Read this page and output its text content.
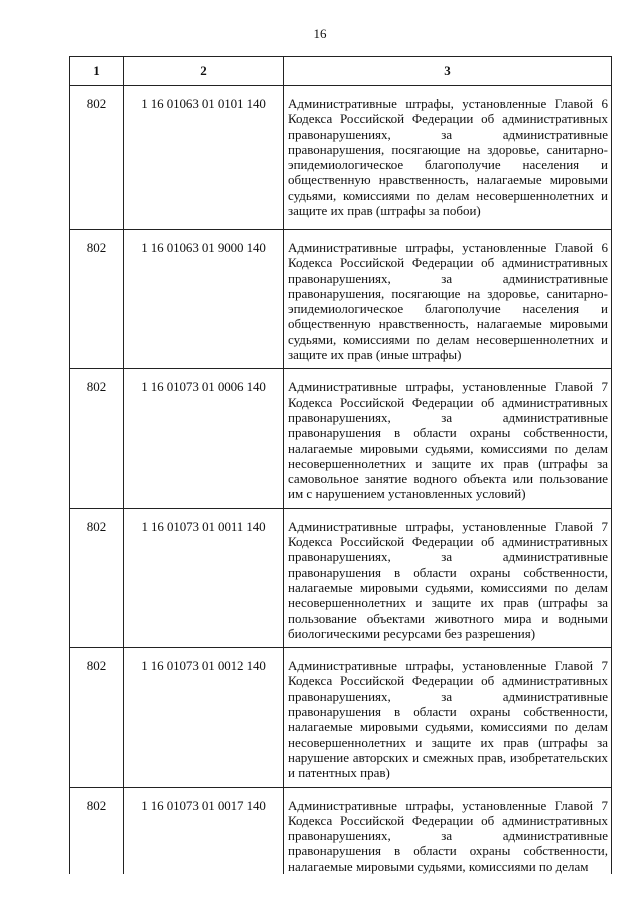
16
1	2	3
802	1 16 01063 01 0101 140	Административные штрафы, установленные Главой 6 Кодекса Российской Федерации об административных правонарушениях, за административные правонарушения, посягающие на здоровье, санитарно-эпидемиологическое благополучие населения и общественную нравственность, налагаемые мировыми судьями, комиссиями по делам несовершеннолетних и защите их прав (штрафы за побои)
802	1 16 01063 01 9000 140	Административные штрафы, установленные Главой 6 Кодекса Российской Федерации об административных правонарушениях, за административные правонарушения, посягающие на здоровье, санитарно-эпидемиологическое благополучие населения и общественную нравственность, налагаемые мировыми судьями, комиссиями по делам несовершеннолетних и защите их прав (иные штрафы)
802	1 16 01073 01 0006 140	Административные штрафы, установленные Главой 7 Кодекса Российской Федерации об административных правонарушениях, за административные правонарушения в области охраны собственности, налагаемые мировыми судьями, комиссиями по делам несовершеннолетних и защите их прав (штрафы за самовольное занятие водного объекта или пользование им с нарушением установленных условий)
802	1 16 01073 01 0011 140	Административные штрафы, установленные Главой 7 Кодекса Российской Федерации об административных правонарушениях, за административные правонарушения в области охраны собственности, налагаемые мировыми судьями, комиссиями по делам несовершеннолетних и защите их прав (штрафы за пользование объектами животного мира и водными биологическими ресурсами без разрешения)
802	1 16 01073 01 0012 140	Административные штрафы, установленные Главой 7 Кодекса Российской Федерации об административных правонарушениях, за административные правонарушения в области охраны собственности, налагаемые мировыми судьями, комиссиями по делам несовершеннолетних и защите их прав (штрафы за нарушение авторских и смежных прав, изобретательских и патентных прав)
802	1 16 01073 01 0017 140	Административные штрафы, установленные Главой 7 Кодекса Российской Федерации об административных правонарушениях, за административные правонарушения в области охраны собственности, налагаемые мировыми судьями, комиссиями по делам
